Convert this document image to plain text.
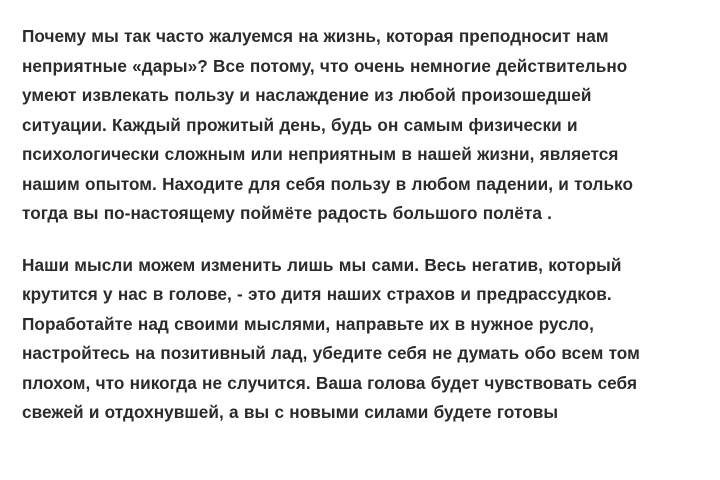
Почему мы так часто жалуемся на жизнь, которая преподносит нам неприятные «дары»? Все потому, что очень немногие действительно умеют извлекать пользу и наслаждение из любой произошедшей ситуации. Каждый прожитый день, будь он самым физически и психологически сложным или неприятным в нашей жизни, является нашим опытом. Находите для себя пользу в любом падении, и только тогда вы по-настоящему поймёте радость большого полёта .

Наши мысли можем изменить лишь мы сами. Весь негатив, который крутится у нас в голове, - это дитя наших страхов и предрассудков. Поработайте над своими мыслями, направьте их в нужное русло, настройтесь на позитивный лад, убедите себя не думать обо всем том плохом, что никогда не случится. Ваша голова будет чувствовать себя свежей и отдохнувшей, а вы с новыми силами будете готовы
